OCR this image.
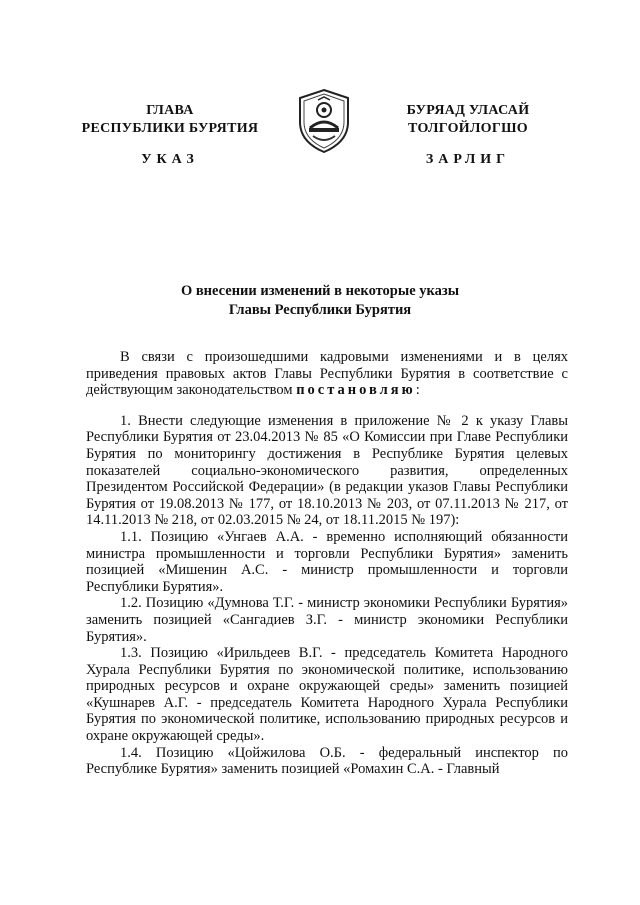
ГЛАВА
РЕСПУБЛИКИ БУРЯТИЯ
БУРЯАД УЛАСАЙ
ТОЛГОЙЛОГШО
УКАЗ	ЗАРЛИГ
О внесении изменений в некоторые указы
Главы Республики Бурятия

В связи с произошедшими кадровыми изменениями и в целях приведения правовых актов Главы Республики Бурятия в соответствие с действующим законодательством постановляю:

1. Внести следующие изменения в приложение № 2 к указу Главы Республики Бурятия от 23.04.2013 № 85 «О Комиссии при Главе Республики Бурятия по мониторингу достижения в Республике Бурятия целевых показателей социально-экономического развития, определенных Президентом Российской Федерации» (в редакции указов Главы Республики Бурятия от 19.08.2013 № 177, от 18.10.2013 № 203, от 07.11.2013 № 217, от 14.11.2013 № 218, от 02.03.2015 № 24, от 18.11.2015 № 197):

1.1. Позицию «Унгаев А.А. - временно исполняющий обязанности министра промышленности и торговли Республики Бурятия» заменить позицией «Мишенин А.С. - министр промышленности и торговли Республики Бурятия».

1.2. Позицию «Думнова Т.Г. - министр экономики Республики Бурятия» заменить позицией «Сангадиев З.Г. - министр экономики Республики Бурятия».

1.3. Позицию «Ирильдеев В.Г. - председатель Комитета Народного Хурала Республики Бурятия по экономической политике, использованию природных ресурсов и охране окружающей среды» заменить позицией «Кушнарев А.Г. - председатель Комитета Народного Хурала Республики Бурятия по экономической политике, использованию природных ресурсов и охране окружающей среды».

1.4. Позицию «Цойжилова О.Б. - федеральный инспектор по Республике Бурятия» заменить позицией «Ромахин С.А. - Главный
